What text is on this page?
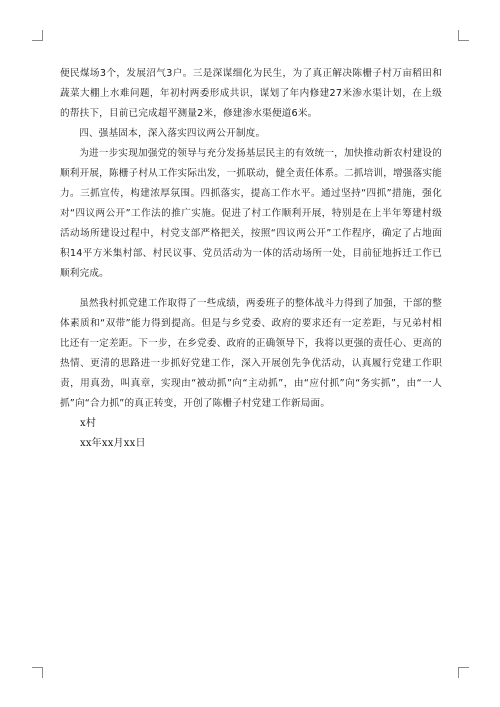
便民煤场3个，发展沼气3户。三是深谋细化为民生，为了真正解决陈栅子村万亩稻田和蔬菜大棚上水难问题，年初村两委形成共识，谋划了年内修建27米渗水渠计划，在上级的帮扶下，目前已完成超平测量2米，修建渗水渠便道6米。

四、强基固本，深入落实四议两公开制度。

为进一步实现加强党的领导与充分发扬基层民主的有效统一，加快推动新农村建设的顺利开展，陈栅子村从工作实际出发，一抓联动，健全责任体系。二抓培训，增强落实能力。三抓宣传，构建浓厚氛围。四抓落实，提高工作水平。通过坚持“四抓”措施，强化对“四议两公开”工作法的推广实施。促进了村工作顺利开展，特别是在上半年筹建村级活动场所建设过程中，村党支部严格把关，按照“四议两公开”工作程序，确定了占地面积14平方米集村部、村民议事、党员活动为一体的活动场所一处，目前征地拆迁工作已顺利完成。

虽然我村抓党建工作取得了一些成绩，两委班子的整体战斗力得到了加强，干部的整体素质和“双带”能力得到提高。但是与乡党委、政府的要求还有一定差距，与兄弟村相比还有一定差距。下一步，在乡党委、政府的正确领导下，我将以更强的责任心、更高的热情、更清的思路进一步抓好党建工作，深入开展创先争优活动，认真履行党建工作职责，用真劲，叫真章，实现由“被动抓”向“主动抓”，由“应付抓”向“务实抓”，由“一人抓”向“合力抓”的真正转变，开创了陈栅子村党建工作新局面。

x村

xx年xx月xx日
